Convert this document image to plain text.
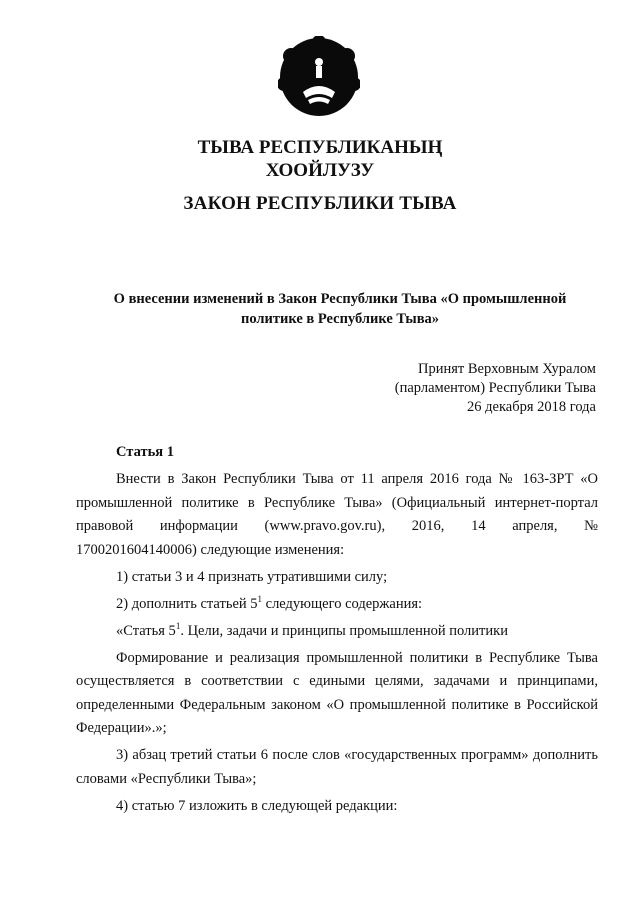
ТЫВА РЕСПУБЛИКАНЫҢ
ХООЙЛУЗУ
ЗАКОН РЕСПУБЛИКИ ТЫВА
О внесении изменений в Закон Республики Тыва «О промышленной
политике в Республике Тыва»
Принят Верховным Хуралом
(парламентом) Республики Тыва
26 декабря 2018 года
Статья 1

Внести в Закон Республики Тыва от 11 апреля 2016 года № 163-ЗРТ «О промышленной политике в Республике Тыва» (Официальный интернет-портал правовой информации (www.pravo.gov.ru), 2016, 14 апреля, №

1700201604140006) следующие изменения:

1) статьи 3 и 4 признать утратившими силу;

2) дополнить статьей $5^1$ следующего содержания:

«Статья $5^1$. Цели, задачи и принципы промышленной политики

Формирование и реализация промышленной политики в Республике Тыва осуществляется в соответствии с едиными целями, задачами и принципами, определенными Федеральным законом «О промышленной политике в Российской Федерации».»;

3) абзац третий статьи 6 после слов «государственных программ» дополнить словами «Республики Тыва»;

4) статью 7 изложить в следующей редакции:
